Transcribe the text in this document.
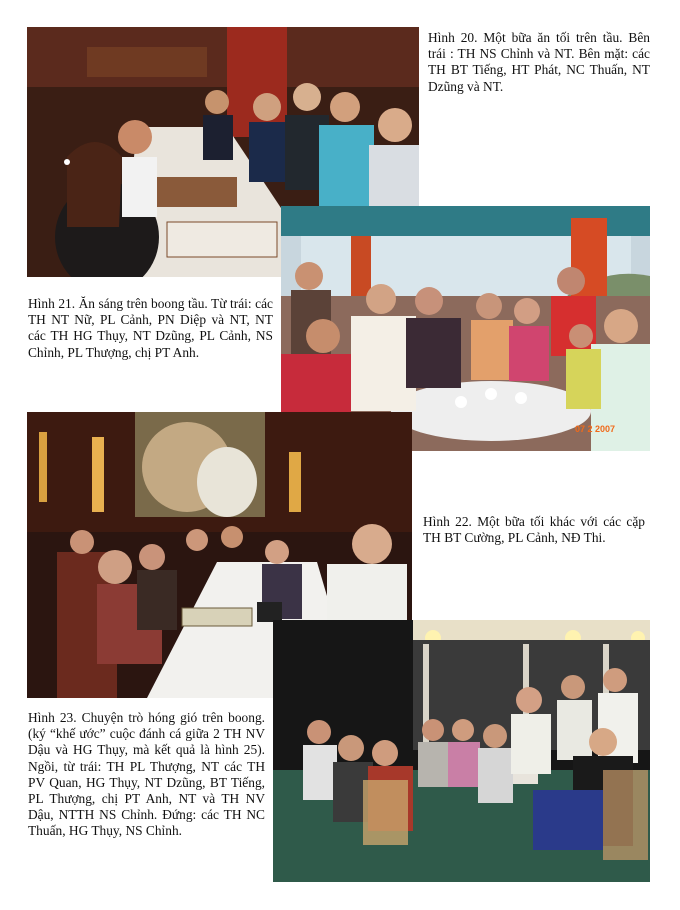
Hình 20. Một bữa ăn tối trên tầu. Bên trái : TH NS Chỉnh và NT. Bên mặt: các TH BT Tiếng, HT Phát, NC Thuấn, NT Dzũng và NT.

07 2 2007

Hình 21. Ăn sáng trên boong tầu. Từ trái: các TH NT Nữ, PL Cảnh, PN Diệp và NT, NT các TH HG Thụy, NT Dzũng, PL Cảnh, NS Chỉnh, PL Thượng, chị PT Anh.

Hình 22. Một bữa tối khác với các cặp TH BT Cường, PL Cảnh, NĐ Thi.

Hình 23. Chuyện trò hóng gió trên boong. (ký “khế ước” cuộc đánh cá giữa 2 TH NV Dậu và HG Thụy, mà kết quả là hình 25). Ngồi, từ trái: TH PL Thượng, NT các TH PV Quan, HG Thụy, NT Dzũng, BT Tiếng, PL Thượng, chị PT Anh, NT và TH NV Dậu, NTTH NS Chỉnh. Đứng: các TH NC Thuấn, HG Thụy, NS Chỉnh.
